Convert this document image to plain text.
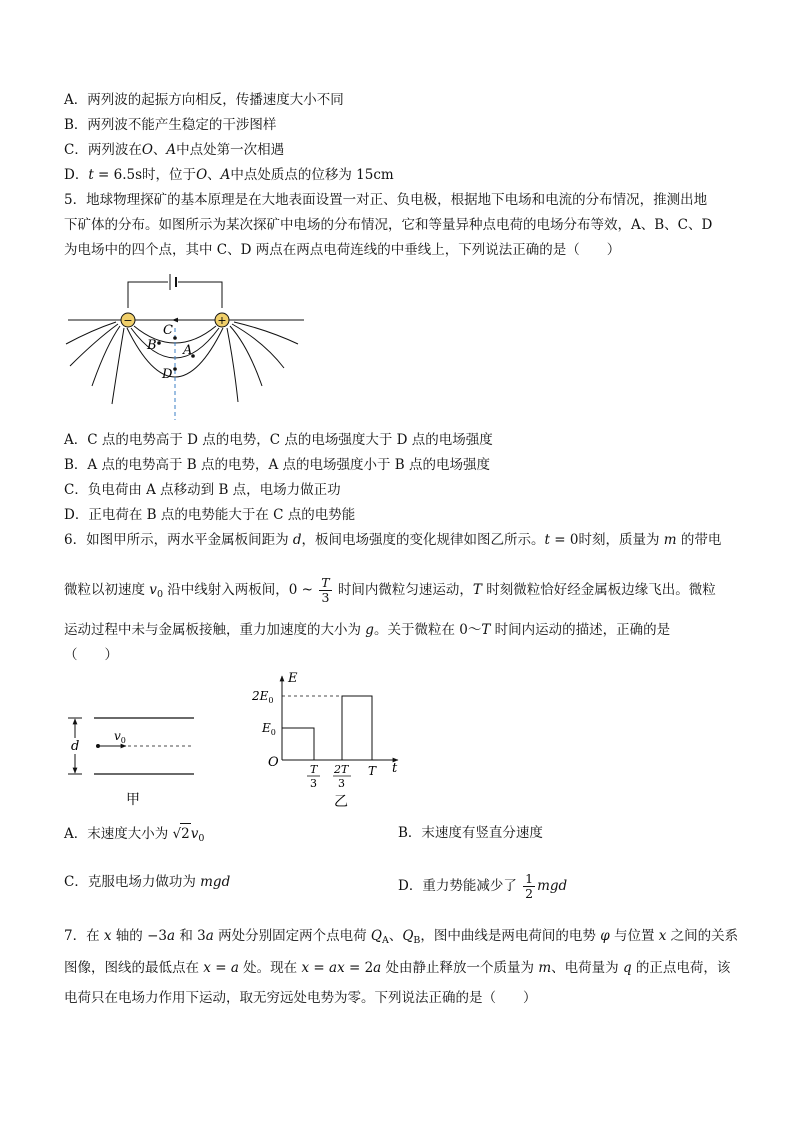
A．两列波的起振方向相反，传播速度大小不同
B．两列波不能产生稳定的干涉图样
C．两列波在O、A中点处第一次相遇
D．t = 6.5s时，位于O、A中点处质点的位移为 15cm
5．地球物理探矿的基本原理是在大地表面设置一对正、负电极，根据地下电场和电流的分布情况，推测出地
下矿体的分布。如图所示为某次探矿中电场的分布情况，它和等量异种点电荷的电场分布等效，A、B、C、D
为电场中的四个点，其中 C、D 两点在两点电荷连线的中垂线上，下列说法正确的是（　　）
−	+
C
B A
D
A．C 点的电势高于 D 点的电势，C 点的电场强度大于 D 点的电场强度
B．A 点的电势高于 B 点的电势，A 点的电场强度小于 B 点的电场强度
C．负电荷由 A 点移动到 B 点，电场力做正功
D．正电荷在 B 点的电势能大于在 C 点的电势能
6．如图甲所示，两水平金属板间距为 d，板间电场强度的变化规律如图乙所示。t = 0时刻，质量为 m 的带电
微粒以初速度 $v_0$ 沿中线射入两板间，0 ~ $\frac{T}{3}$ 时间内微粒匀速运动，T 时刻微粒恰好经金属板边缘飞出。微粒
运动过程中未与金属板接触，重力加速度的大小为 g。关于微粒在 0～T 时间内运动的描述，正确的是
（　　）
d
$v_0$
甲
E
t
O
$2E_0$
$E_0$
T
3
2T
3
T
乙
A．末速度大小为 $√2v_0$	B．末速度有竖直分速度
C．克服电场力做功为 mgd	D．重力势能减少了 $\frac{1}{2}$ mgd
7．在 x 轴的 −3a 和 3a 两处分别固定两个点电荷 $Q_A$、$Q_B$，图中曲线是两电荷间的电势 φ 与位置 x 之间的关系
图像，图线的最低点在 x = a 处。现在 x = ax = 2a 处由静止释放一个质量为 m、电荷量为 q 的正点电荷，该
电荷只在电场力作用下运动，取无穷远处电势为零。下列说法正确的是（　　）
